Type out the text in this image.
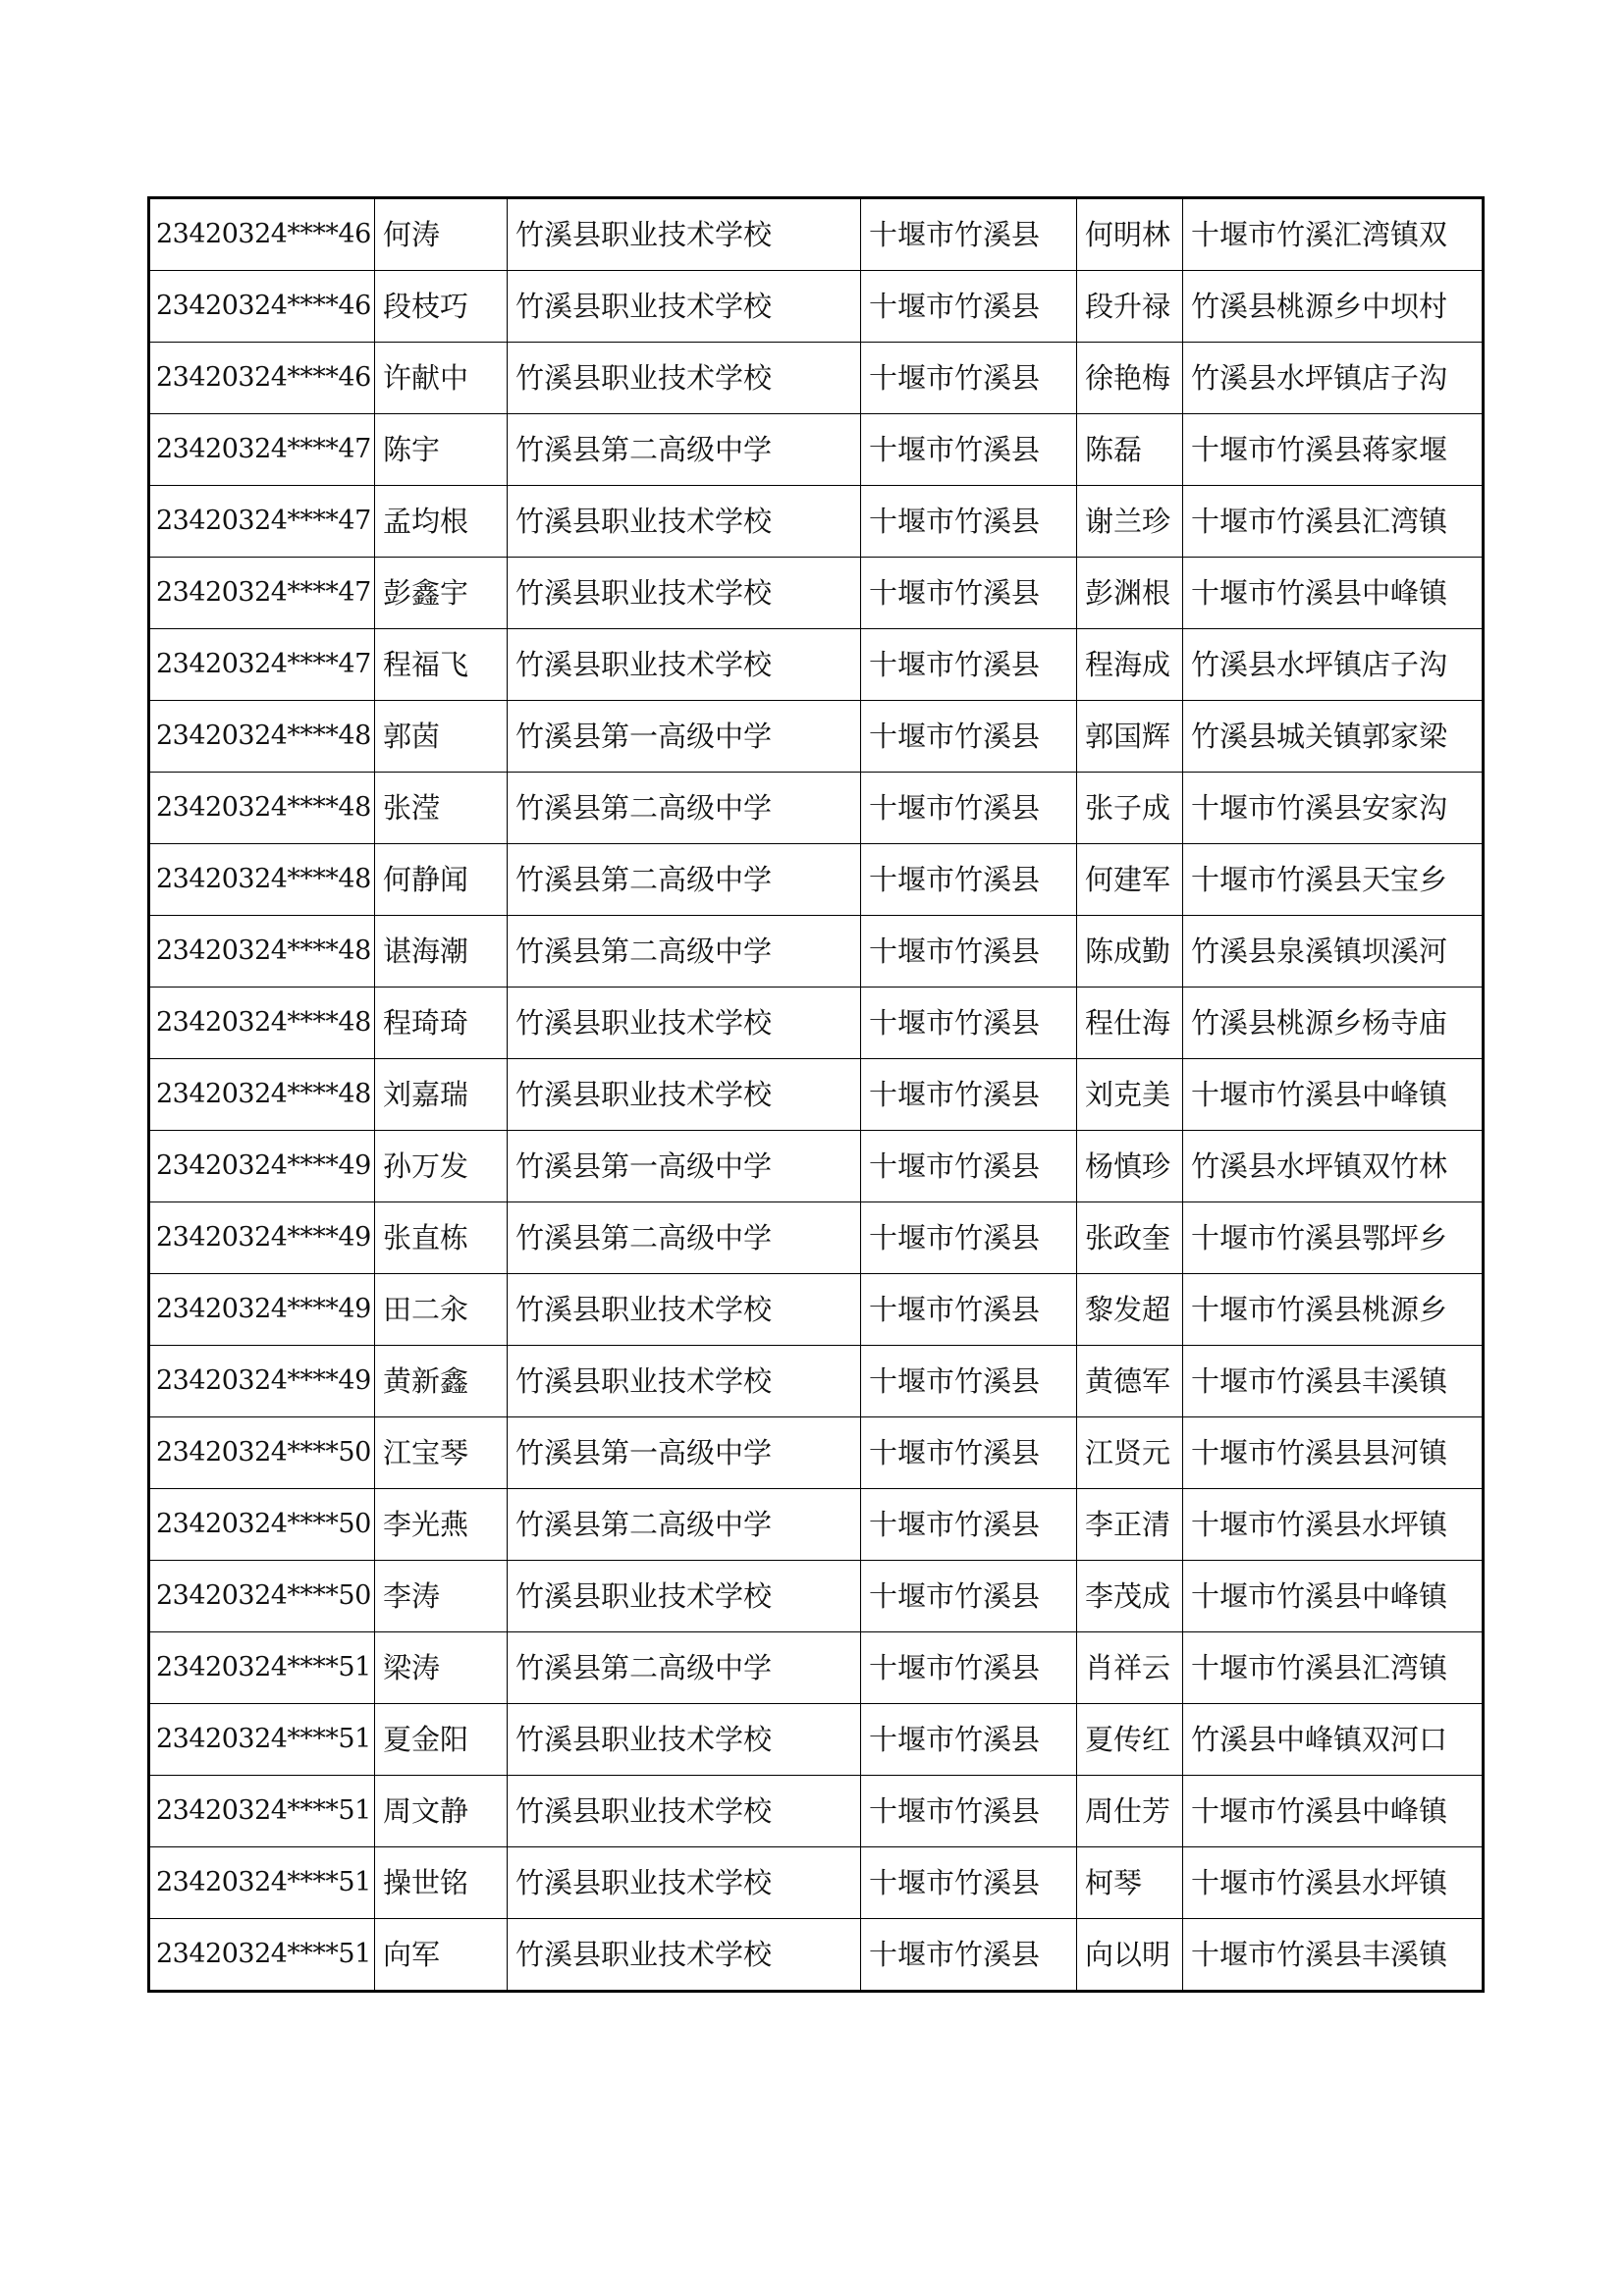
23420324****46	何涛	竹溪县职业技术学校	十堰市竹溪县	何明林	十堰市竹溪汇湾镇双
23420324****46	段枝巧	竹溪县职业技术学校	十堰市竹溪县	段升禄	竹溪县桃源乡中坝村
23420324****46	许献中	竹溪县职业技术学校	十堰市竹溪县	徐艳梅	竹溪县水坪镇店子沟
23420324****47	陈宇	竹溪县第二高级中学	十堰市竹溪县	陈磊	十堰市竹溪县蒋家堰
23420324****47	孟均根	竹溪县职业技术学校	十堰市竹溪县	谢兰珍	十堰市竹溪县汇湾镇
23420324****47	彭鑫宇	竹溪县职业技术学校	十堰市竹溪县	彭渊根	十堰市竹溪县中峰镇
23420324****47	程福飞	竹溪县职业技术学校	十堰市竹溪县	程海成	竹溪县水坪镇店子沟
23420324****48	郭茵	竹溪县第一高级中学	十堰市竹溪县	郭国辉	竹溪县城关镇郭家梁
23420324****48	张滢	竹溪县第二高级中学	十堰市竹溪县	张子成	十堰市竹溪县安家沟
23420324****48	何静闻	竹溪县第二高级中学	十堰市竹溪县	何建军	十堰市竹溪县天宝乡
23420324****48	谌海潮	竹溪县第二高级中学	十堰市竹溪县	陈成勤	竹溪县泉溪镇坝溪河
23420324****48	程琦琦	竹溪县职业技术学校	十堰市竹溪县	程仕海	竹溪县桃源乡杨寺庙
23420324****48	刘嘉瑞	竹溪县职业技术学校	十堰市竹溪县	刘克美	十堰市竹溪县中峰镇
23420324****49	孙万发	竹溪县第一高级中学	十堰市竹溪县	杨慎珍	竹溪县水坪镇双竹林
23420324****49	张直栋	竹溪县第二高级中学	十堰市竹溪县	张政奎	十堰市竹溪县鄂坪乡
23420324****49	田二汆	竹溪县职业技术学校	十堰市竹溪县	黎发超	十堰市竹溪县桃源乡
23420324****49	黄新鑫	竹溪县职业技术学校	十堰市竹溪县	黄德军	十堰市竹溪县丰溪镇
23420324****50	江宝琴	竹溪县第一高级中学	十堰市竹溪县	江贤元	十堰市竹溪县县河镇
23420324****50	李光燕	竹溪县第二高级中学	十堰市竹溪县	李正清	十堰市竹溪县水坪镇
23420324****50	李涛	竹溪县职业技术学校	十堰市竹溪县	李茂成	十堰市竹溪县中峰镇
23420324****51	梁涛	竹溪县第二高级中学	十堰市竹溪县	肖祥云	十堰市竹溪县汇湾镇
23420324****51	夏金阳	竹溪县职业技术学校	十堰市竹溪县	夏传红	竹溪县中峰镇双河口
23420324****51	周文静	竹溪县职业技术学校	十堰市竹溪县	周仕芳	十堰市竹溪县中峰镇
23420324****51	操世铭	竹溪县职业技术学校	十堰市竹溪县	柯琴	十堰市竹溪县水坪镇
23420324****51	向军	竹溪县职业技术学校	十堰市竹溪县	向以明	十堰市竹溪县丰溪镇
